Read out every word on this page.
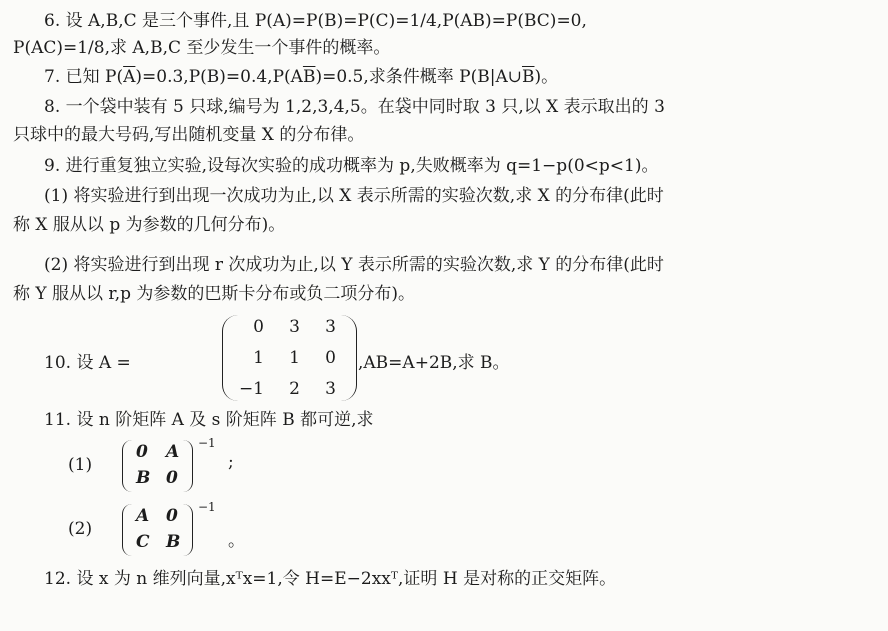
6. 设 A,B,C 是三个事件,且 P(A)=P(B)=P(C)=1/4,P(AB)=P(BC)=0,
P(AC)=1/8,求 A,B,C 至少发生一个事件的概率。
7. 已知 $P(\overline{A})=0.3,P(B)=0.4,P(A\overline{B})=0.5$,求条件概率 $P(B|A\cup\overline{B})$。
8. 一个袋中装有 5 只球,编号为 1,2,3,4,5。在袋中同时取 3 只,以 X 表示取出的 3
只球中的最大号码,写出随机变量 X 的分布律。
9. 进行重复独立实验,设每次实验的成功概率为 p,失败概率为 q=1−p(0<p<1)。
(1) 将实验进行到出现一次成功为止,以 X 表示所需的实验次数,求 X 的分布律(此时
称 X 服从以 p 为参数的几何分布)。
(2) 将实验进行到出现 r 次成功为止,以 Y 表示所需的实验次数,求 Y 的分布律(此时
称 Y 服从以 r,p 为参数的巴斯卡分布或负二项分布)。
10. 设 A =
0	3	3
1	1	0
−1	2	3
,AB=A+2B,求 B。
11. 设 n 阶矩阵 A 及 s 阶矩阵 B 都可逆,求
(1)
0 A
B 0
−1
;
(2)
A 0
C B
−1
。
12. 设 x 为 n 维列向量,xᵀx=1,令 H=E−2xxᵀ,证明 H 是对称的正交矩阵。
